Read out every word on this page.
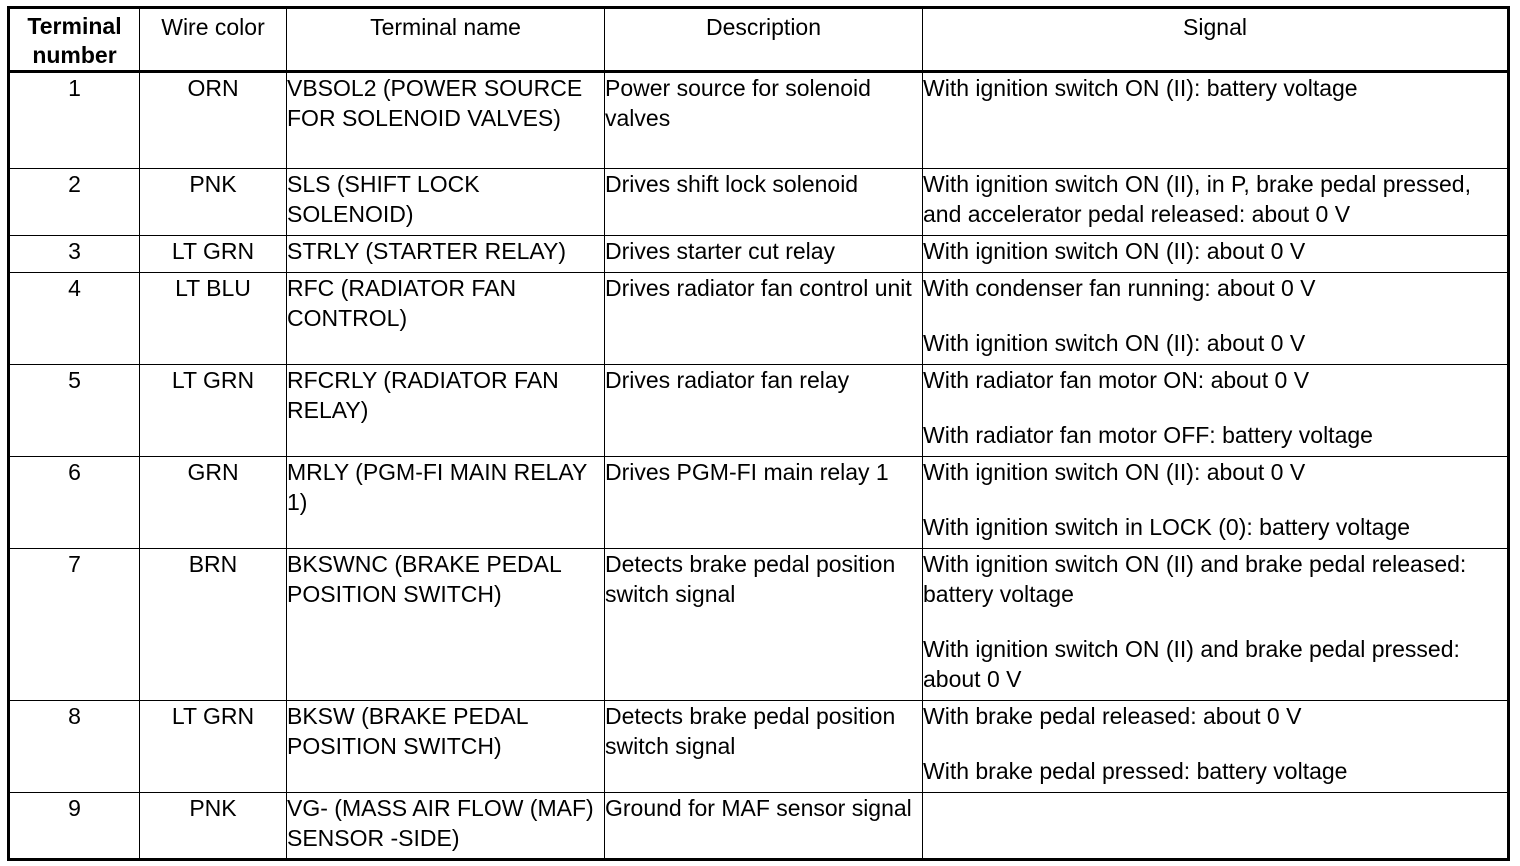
Terminal number	Wire color	Terminal name	Description	Signal
1	ORN	VBSOL2 (POWER SOURCE FOR SOLENOID VALVES)	Power source for solenoid valves	With ignition switch ON (II): battery voltage

2	PNK	SLS (SHIFT LOCK SOLENOID)	Drives shift lock solenoid	With ignition switch ON (II), in P, brake pedal pressed, and accelerator pedal released: about 0 V

3	LT GRN	STRLY (STARTER RELAY)	Drives starter cut relay	With ignition switch ON (II): about 0 V

4	LT BLU	RFC (RADIATOR FAN CONTROL)	Drives radiator fan control unit	With condenser fan running: about 0 V
With ignition switch ON (II): about 0 V

5	LT GRN	RFCRLY (RADIATOR FAN RELAY)	Drives radiator fan relay	With radiator fan motor ON: about 0 V
With radiator fan motor OFF: battery voltage

6	GRN	MRLY (PGM-FI MAIN RELAY 1)	Drives PGM-FI main relay 1	With ignition switch ON (II): about 0 V
With ignition switch in LOCK (0): battery voltage

7	BRN	BKSWNC (BRAKE PEDAL POSITION SWITCH)	Detects brake pedal position switch signal	With ignition switch ON (II) and brake pedal released: battery voltage
With ignition switch ON (II) and brake pedal pressed: about 0 V

8	LT GRN	BKSW (BRAKE PEDAL POSITION SWITCH)	Detects brake pedal position switch signal	With brake pedal released: about 0 V
With brake pedal pressed: battery voltage

9	PNK	VG- (MASS AIR FLOW (MAF) SENSOR -SIDE)	Ground for MAF sensor signal	
